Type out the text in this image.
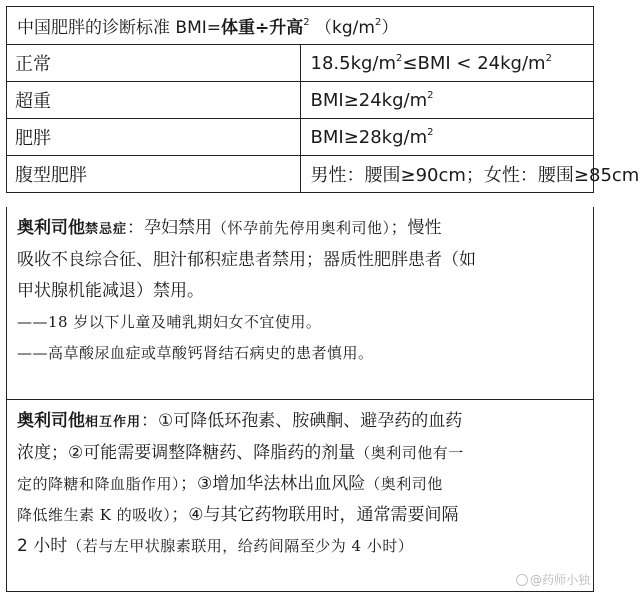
中国肥胖的诊断标准 BMI=体重÷升高$^2$ $(kg/m^2)$	
正常	$18.5kg/m^2\le BMI < 24kg/m^2$
超重	$BMI\ge 24kg/m^2$
肥胖	$BMI\ge 28kg/m^2$
腹型肥胖	男性：腰围≥90cm；女性：腰围≥85cm
奥利司他禁忌症：孕妇禁用（怀孕前先停用奥利司他）；慢性
吸收不良综合征、胆汁郁积症患者禁用；器质性肥胖患者（如
甲状腺机能减退）禁用。
——18 岁以下儿童及哺乳期妇女不宜使用。
——高草酸尿血症或草酸钙肾结石病史的患者慎用。
奥利司他相互作用：①可降低环孢素、胺碘酮、避孕药的血药
浓度；②可能需要调整降糖药、降脂药的剂量（奥利司他有一
定的降糖和降血脂作用）；③增加华法林出血风险（奥利司他
降低维生素 K 的吸收）；④与其它药物联用时，通常需要间隔
2 小时（若与左甲状腺素联用，给药间隔至少为 4 小时）
@药师小独
